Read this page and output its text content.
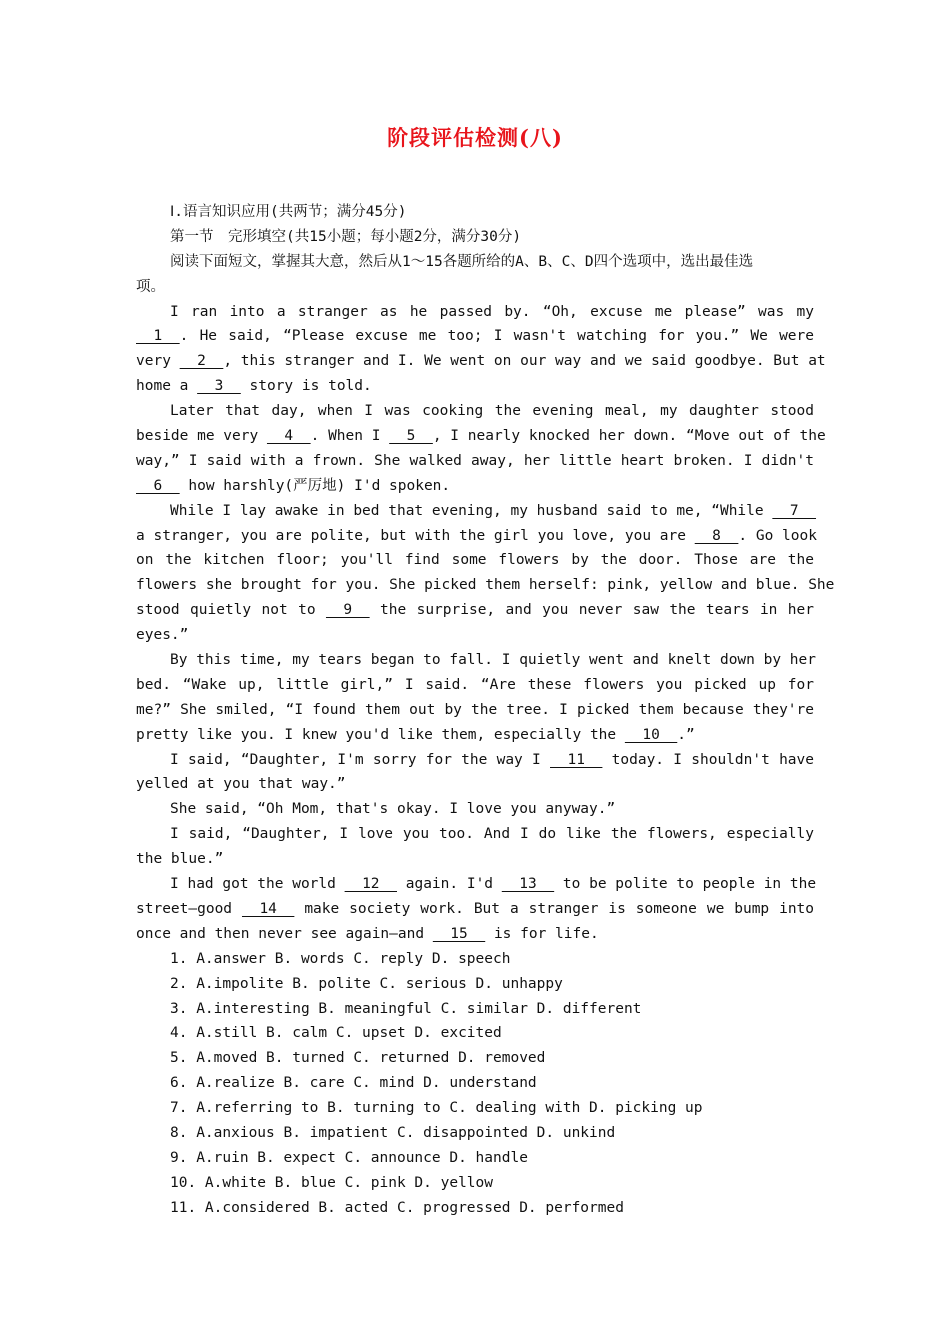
阶段评估检测(八)
Ⅰ.语言知识应用(共两节；满分45分)
第一节　完形填空(共15小题；每小题2分，满分30分)
阅读下面短文，掌握其大意，然后从1～15各题所给的A、B、C、D四个选项中，选出最佳选
项。
I ran into a stranger as he passed by. “Oh, excuse me please” was my
1  . He said, “Please excuse me too; I wasn't watching for you.” We were
very   2  , this stranger and I. We went on our way and we said goodbye. But at
home a   3   story is told.
Later that day, when I was cooking the evening meal, my daughter stood
beside me very   4  . When I   5  , I nearly knocked her down. “Move out of the
way,” I said with a frown. She walked away, her little heart broken. I didn't
6   how harshly(严厉地) I'd spoken.
While I lay awake in bed that evening, my husband said to me, “While   7
a stranger, you are polite, but with the girl you love, you are   8  . Go look
on the kitchen floor; you'll find some flowers by the door. Those are the
flowers she brought for you. She picked them herself: pink, yellow and blue. She
stood quietly not to   9   the surprise, and you never saw the tears in her
eyes.”
By this time, my tears began to fall. I quietly went and knelt down by her
bed. “Wake up, little girl,” I said. “Are these flowers you picked up for
me?” She smiled, “I found them out by the tree. I picked them because they're
pretty like you. I knew you'd like them, especially the   10  .”
I said, “Daughter, I'm sorry for the way I   11   today. I shouldn't have
yelled at you that way.”
She said, “Oh Mom, that's okay. I love you anyway.”
I said, “Daughter, I love you too. And I do like the flowers, especially
the blue.”
I had got the world   12   again. I'd   13   to be polite to people in the
street—good   14   make society work. But a stranger is someone we bump into
once and then never see again—and   15   is for life.
1. A.answer B. words C. reply D. speech
2. A.impolite B. polite C. serious D. unhappy
3. A.interesting B. meaningful C. similar D. different
4. A.still B. calm C. upset D. excited
5. A.moved B. turned C. returned D. removed
6. A.realize B. care C. mind D. understand
7. A.referring to B. turning to C. dealing with D. picking up
8. A.anxious B. impatient C. disappointed D. unkind
9. A.ruin B. expect C. announce D. handle
10. A.white B. blue C. pink D. yellow
11. A.considered B. acted C. progressed D. performed
